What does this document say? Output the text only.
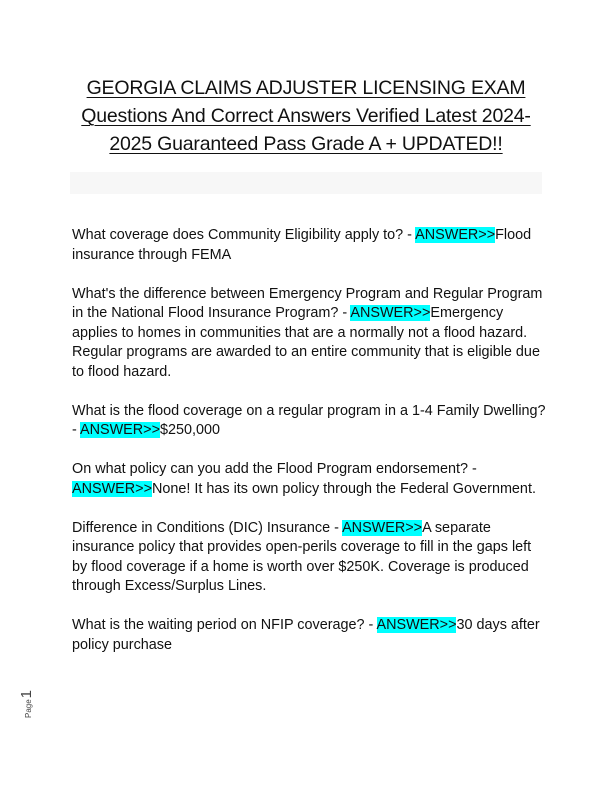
GEORGIA CLAIMS ADJUSTER LICENSING EXAM
Questions And Correct Answers Verified Latest 2024-
2025 Guaranteed Pass Grade A + UPDATED!!

What coverage does Community Eligibility apply to? - ANSWER>>Flood insurance through FEMA

What's the difference between Emergency Program and Regular Program in the National Flood Insurance Program? - ANSWER>>Emergency applies to homes in communities that are a normally not a flood hazard. Regular programs are awarded to an entire community that is eligible due to flood hazard.

What is the flood coverage on a regular program in a 1-4 Family Dwelling? - ANSWER>>$250,000

On what policy can you add the Flood Program endorsement? - ANSWER>>None! It has its own policy through the Federal Government.

Difference in Conditions (DIC) Insurance - ANSWER>>A separate insurance policy that provides open-perils coverage to fill in the gaps left by flood coverage if a home is worth over $250K. Coverage is produced through Excess/Surplus Lines.

What is the waiting period on NFIP coverage? - ANSWER>>30 days after policy purchase

Page
1
